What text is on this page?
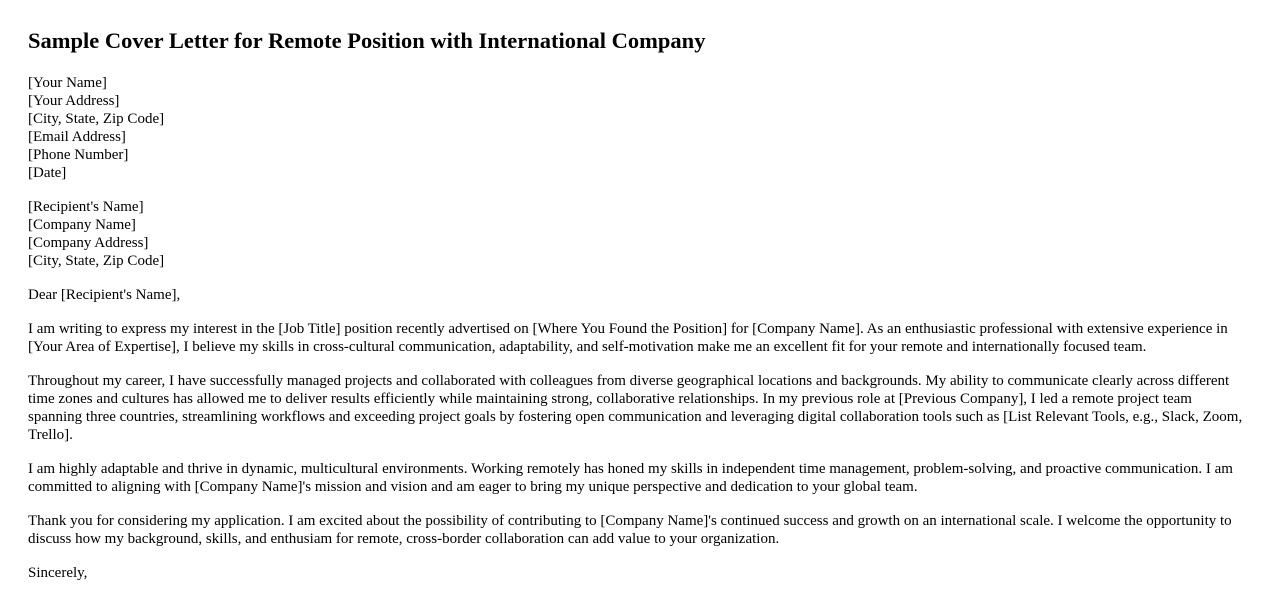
Sample Cover Letter for Remote Position with International Company
[Your Name]
[Your Address]
[City, State, Zip Code]
[Email Address]
[Phone Number]
[Date]
[Recipient's Name]
[Company Name]
[Company Address]
[City, State, Zip Code]

Dear [Recipient's Name],

I am writing to express my interest in the [Job Title] position recently advertised on [Where You Found the Position] for [Company Name]. As an enthusiastic professional with extensive experience in [Your Area of Expertise], I believe my skills in cross-cultural communication, adaptability, and self-motivation make me an excellent fit for your remote and internationally focused team.

Throughout my career, I have successfully managed projects and collaborated with colleagues from diverse geographical locations and backgrounds. My ability to communicate clearly across different time zones and cultures has allowed me to deliver results efficiently while maintaining strong, collaborative relationships. In my previous role at [Previous Company], I led a remote project team spanning three countries, streamlining workflows and exceeding project goals by fostering open communication and leveraging digital collaboration tools such as [List Relevant Tools, e.g., Slack, Zoom, Trello].

I am highly adaptable and thrive in dynamic, multicultural environments. Working remotely has honed my skills in independent time management, problem-solving, and proactive communication. I am committed to aligning with [Company Name]'s mission and vision and am eager to bring my unique perspective and dedication to your global team.

Thank you for considering my application. I am excited about the possibility of contributing to [Company Name]'s continued success and growth on an international scale. I welcome the opportunity to discuss how my background, skills, and enthusiam for remote, cross-border collaboration can add value to your organization.

Sincerely,
